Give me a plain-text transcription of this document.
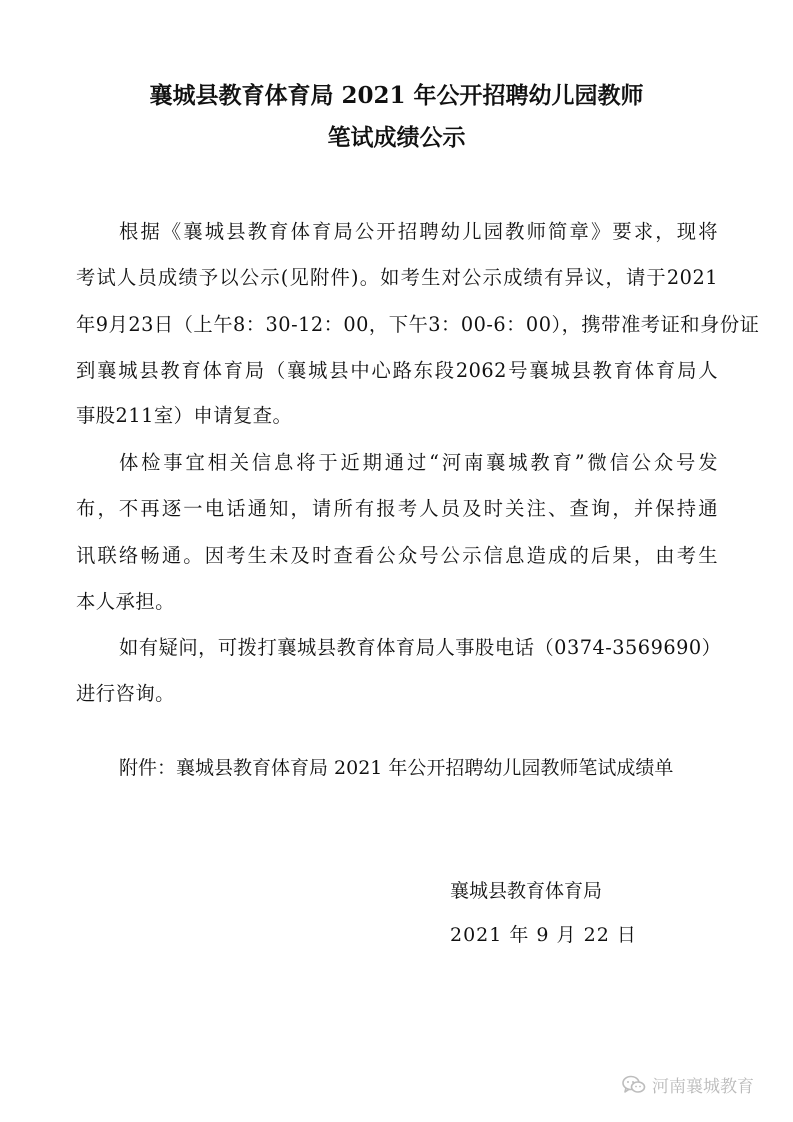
襄城县教育体育局 2021 年公开招聘幼儿园教师
笔试成绩公示
根据《襄城县教育体育局公开招聘幼儿园教师简章》要求，现将
考试人员成绩予以公示(见附件)。如考生对公示成绩有异议，请于2021
年9月23日（上午8：30-12：00，下午3：00-6：00），携带准考证和身份证
到襄城县教育体育局（襄城县中心路东段2062号襄城县教育体育局人
事股211室）申请复查。
体检事宜相关信息将于近期通过“河南襄城教育”微信公众号发
布，不再逐一电话通知，请所有报考人员及时关注、查询，并保持通
讯联络畅通。因考生未及时查看公众号公示信息造成的后果，由考生
本人承担。
如有疑问，可拨打襄城县教育体育局人事股电话（0374-3569690）
进行咨询。
附件：襄城县教育体育局 2021 年公开招聘幼儿园教师笔试成绩单
襄城县教育体育局
2021 年 9 月 22 日
河南襄城教育
